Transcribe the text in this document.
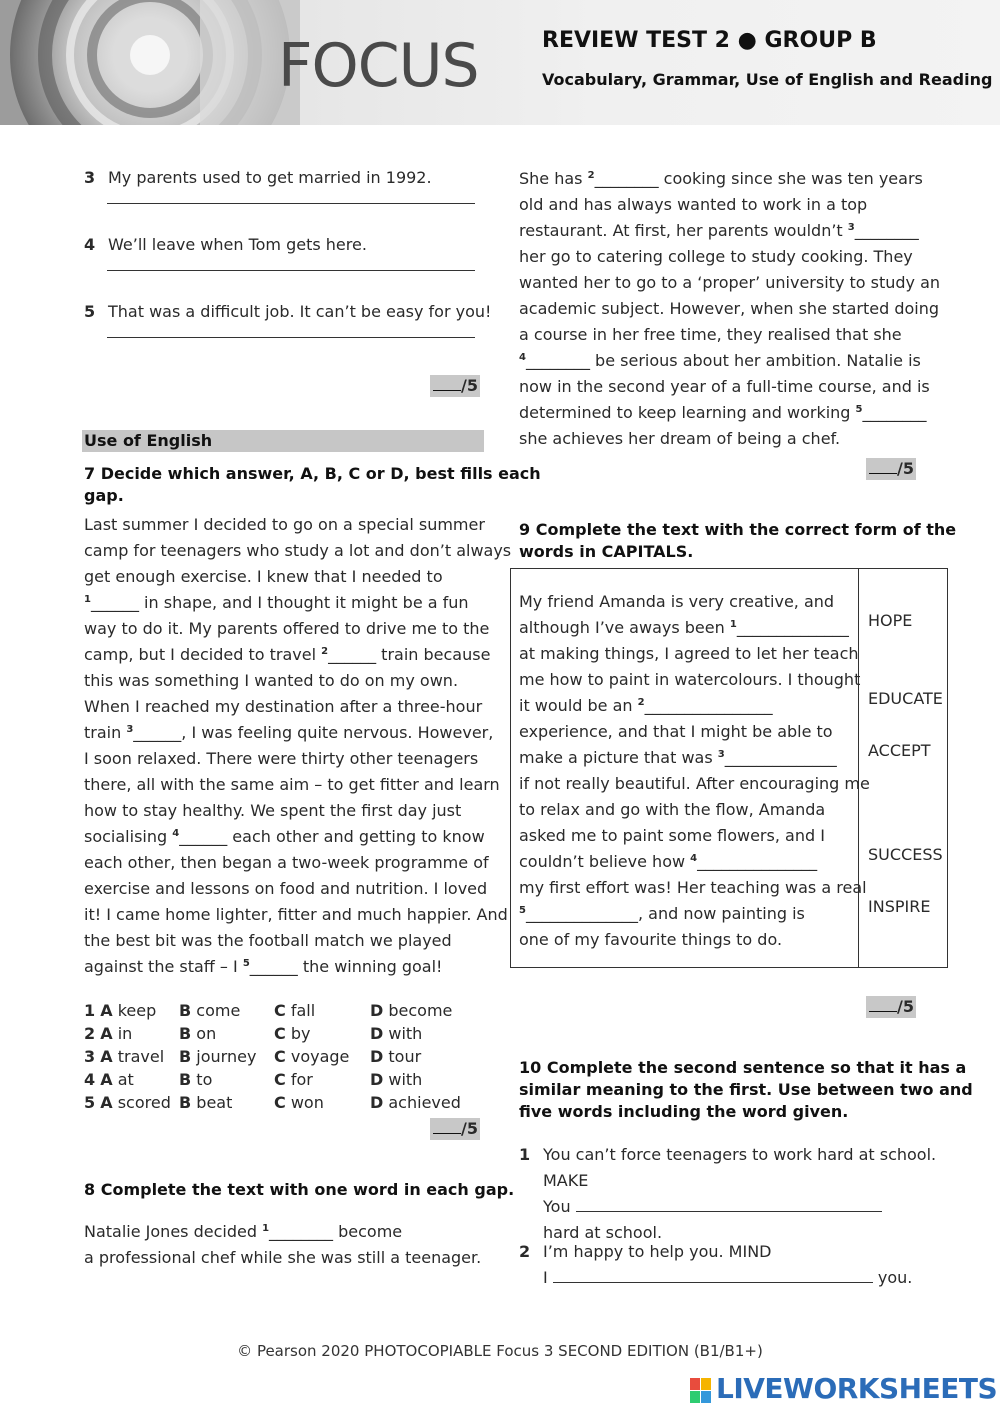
FOCUS	REVIEW TEST 2 ● GROUP B
Vocabulary, Grammar, Use of English and Reading
3 My parents used to get married in 1992.
4 We’ll leave when Tom gets here.
5 That was a difficult job. It can’t be easy for you!
/5
Use of English
7 Decide which answer, A, B, C or D, best fills each
gap.
Last summer I decided to go on a special summer
camp for teenagers who study a lot and don’t always
get enough exercise. I knew that I needed to
$^1$______ in shape, and I thought it might be a fun
way to do it. My parents offered to drive me to the
camp, but I decided to travel $^2$______ train because
this was something I wanted to do on my own.
When I reached my destination after a three-hour
train $^3$______, I was feeling quite nervous. However,
I soon relaxed. There were thirty other teenagers
there, all with the same aim – to get fitter and learn
how to stay healthy. We spent the first day just
socialising $^4$______ each other and getting to know
each other, then began a two-week programme of
exercise and lessons on food and nutrition. I loved
it! I came home lighter, fitter and much happier. And
the best bit was the football match we played
against the staff – I $^5$______ the winning goal!
1 A keep	B come	C fall	D become
2 A in	B on	C by	D with
3 A travel	B journey	C voyage	D tour
4 A at	B to	C for	D with
5 A scored	B beat	C won	D achieved
/5
8 Complete the text with one word in each gap.
Natalie Jones decided $^1$________ become
a professional chef while she was still a teenager.
She has $^2$________ cooking since she was ten years
old and has always wanted to work in a top
restaurant. At first, her parents wouldn’t $^3$________
her go to catering college to study cooking. They
wanted her to go to a ‘proper’ university to study an
academic subject. However, when she started doing
a course in her free time, they realised that she
$^4$________ be serious about her ambition. Natalie is
now in the second year of a full-time course, and is
determined to keep learning and working $^5$________
she achieves her dream of being a chef.
/5
9 Complete the text with the correct form of the
words in CAPITALS.
My friend Amanda is very creative, and
although I’ve aways been $^1$______________
at making things, I agreed to let her teach
me how to paint in watercolours. I thought
it would be an $^2$________________
experience, and that I might be able to
make a picture that was $^3$______________
if not really beautiful. After encouraging me
to relax and go with the flow, Amanda
asked me to paint some flowers, and I
couldn’t believe how $^4$_______________
my first effort was! Her teaching was a real
$^5$______________, and now painting is
one of my favourite things to do.
HOPE
EDUCATE
ACCEPT
SUCCESS
INSPIRE
/5
10 Complete the second sentence so that it has a
similar meaning to the first. Use between two and
five words including the word given.
1 You can’t force teenagers to work hard at school.
MAKE
You
hard at school.
2 I’m happy to help you. MIND
I	you.
© Pearson 2020 PHOTOCOPIABLE Focus 3 SECOND EDITION (B1/B1+)
LIVEWORKSHEETS
